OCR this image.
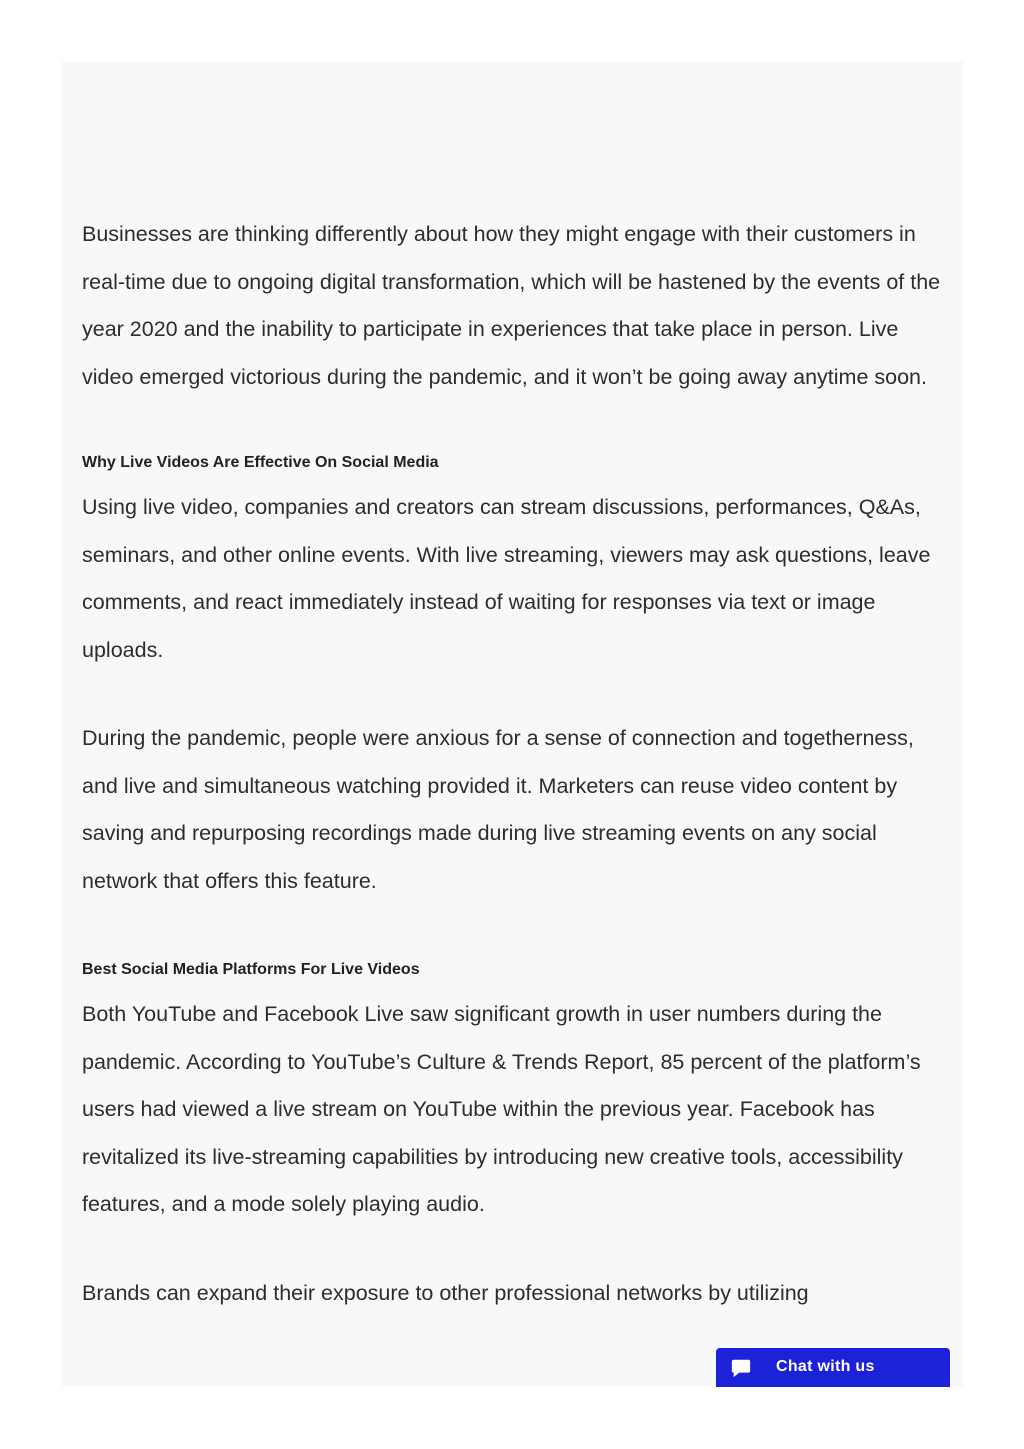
Businesses are thinking differently about how they might engage with their customers in real-time due to ongoing digital transformation, which will be hastened by the events of the year 2020 and the inability to participate in experiences that take place in person. Live video emerged victorious during the pandemic, and it won’t be going away anytime soon.

Why Live Videos Are Effective On Social Media

Using live video, companies and creators can stream discussions, performances, Q&As, seminars, and other online events. With live streaming, viewers may ask questions, leave comments, and react immediately instead of waiting for responses via text or image uploads.

During the pandemic, people were anxious for a sense of connection and togetherness, and live and simultaneous watching provided it. Marketers can reuse video content by saving and repurposing recordings made during live streaming events on any social network that offers this feature.

Best Social Media Platforms For Live Videos

Both YouTube and Facebook Live saw significant growth in user numbers during the pandemic. According to YouTube’s Culture & Trends Report, 85 percent of the platform’s users had viewed a live stream on YouTube within the previous year. Facebook has revitalized its live-streaming capabilities by introducing new creative tools, accessibility features, and a mode solely playing audio.

Brands can expand their exposure to other professional networks by utilizing

Chat with us
